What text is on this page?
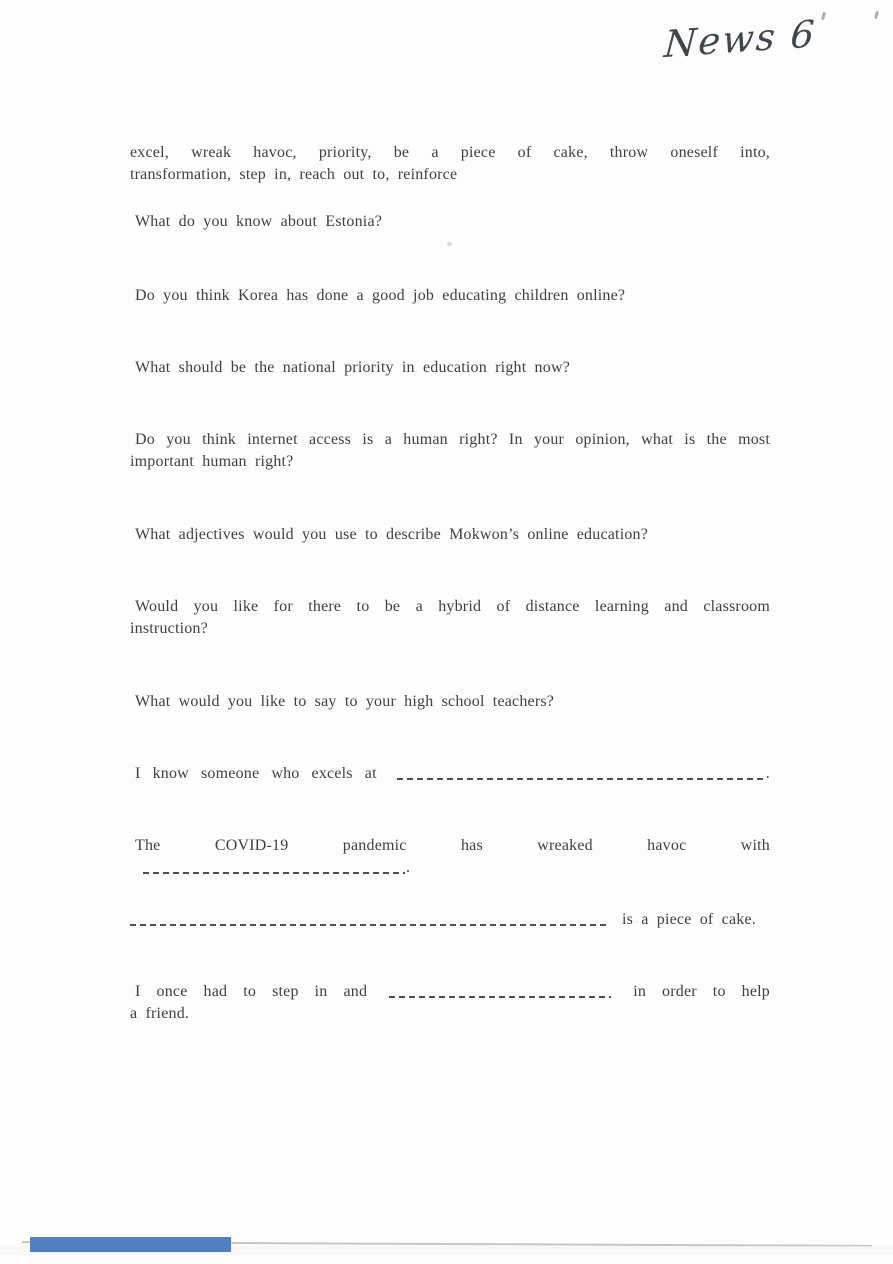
News 6
excel, wreak havoc, priority, be a piece of cake, throw oneself into,
transformation, step in, reach out to, reinforce
What do you know about Estonia?
Do you think Korea has done a good job educating children online?
What should be the national priority in education right now?
Do you think internet access is a human right? In your opinion, what is the most
important human right?
What adjectives would you use to describe Mokwon’s online education?
Would you like for there to be a hybrid of distance learning and classroom
instruction?
What would you like to say to your high school teachers?
I know someone who excels at	.
The COVID-19 pandemic has wreaked havoc with .
is a piece of cake.
I once had to step in and	in order to help
a friend.
